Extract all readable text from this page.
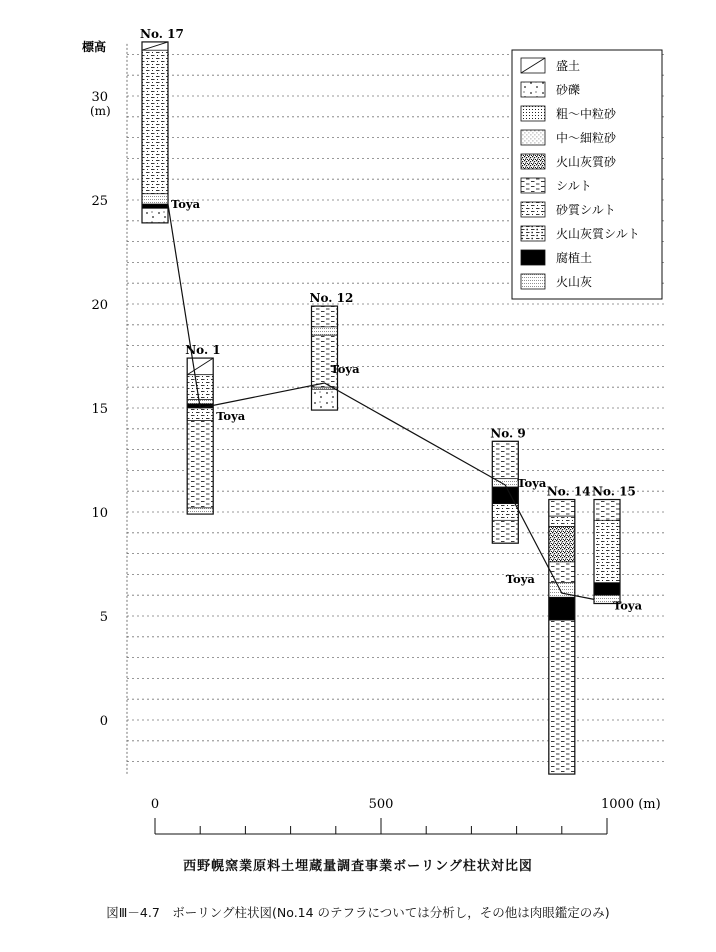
0
5
10
15
20
25
30
標高
(m)
No. 17
No. 1
No. 12
No. 9
No. 14 No. 15
Toya
Toya
Toya
Toya
Toya
Toya
盛土
砂礫
粗～中粒砂
中～細粒砂
火山灰質砂
シルト
砂質シルト
火山灰質シルト
腐植土
火山灰
0	500	1000 (m)
西野幌窯業原料土埋蔵量調査事業ボーリング柱状対比図
図Ⅲ－4.7　ボーリング柱状図(No.14 のテフラについては分析し，その他は肉眼鑑定のみ)
